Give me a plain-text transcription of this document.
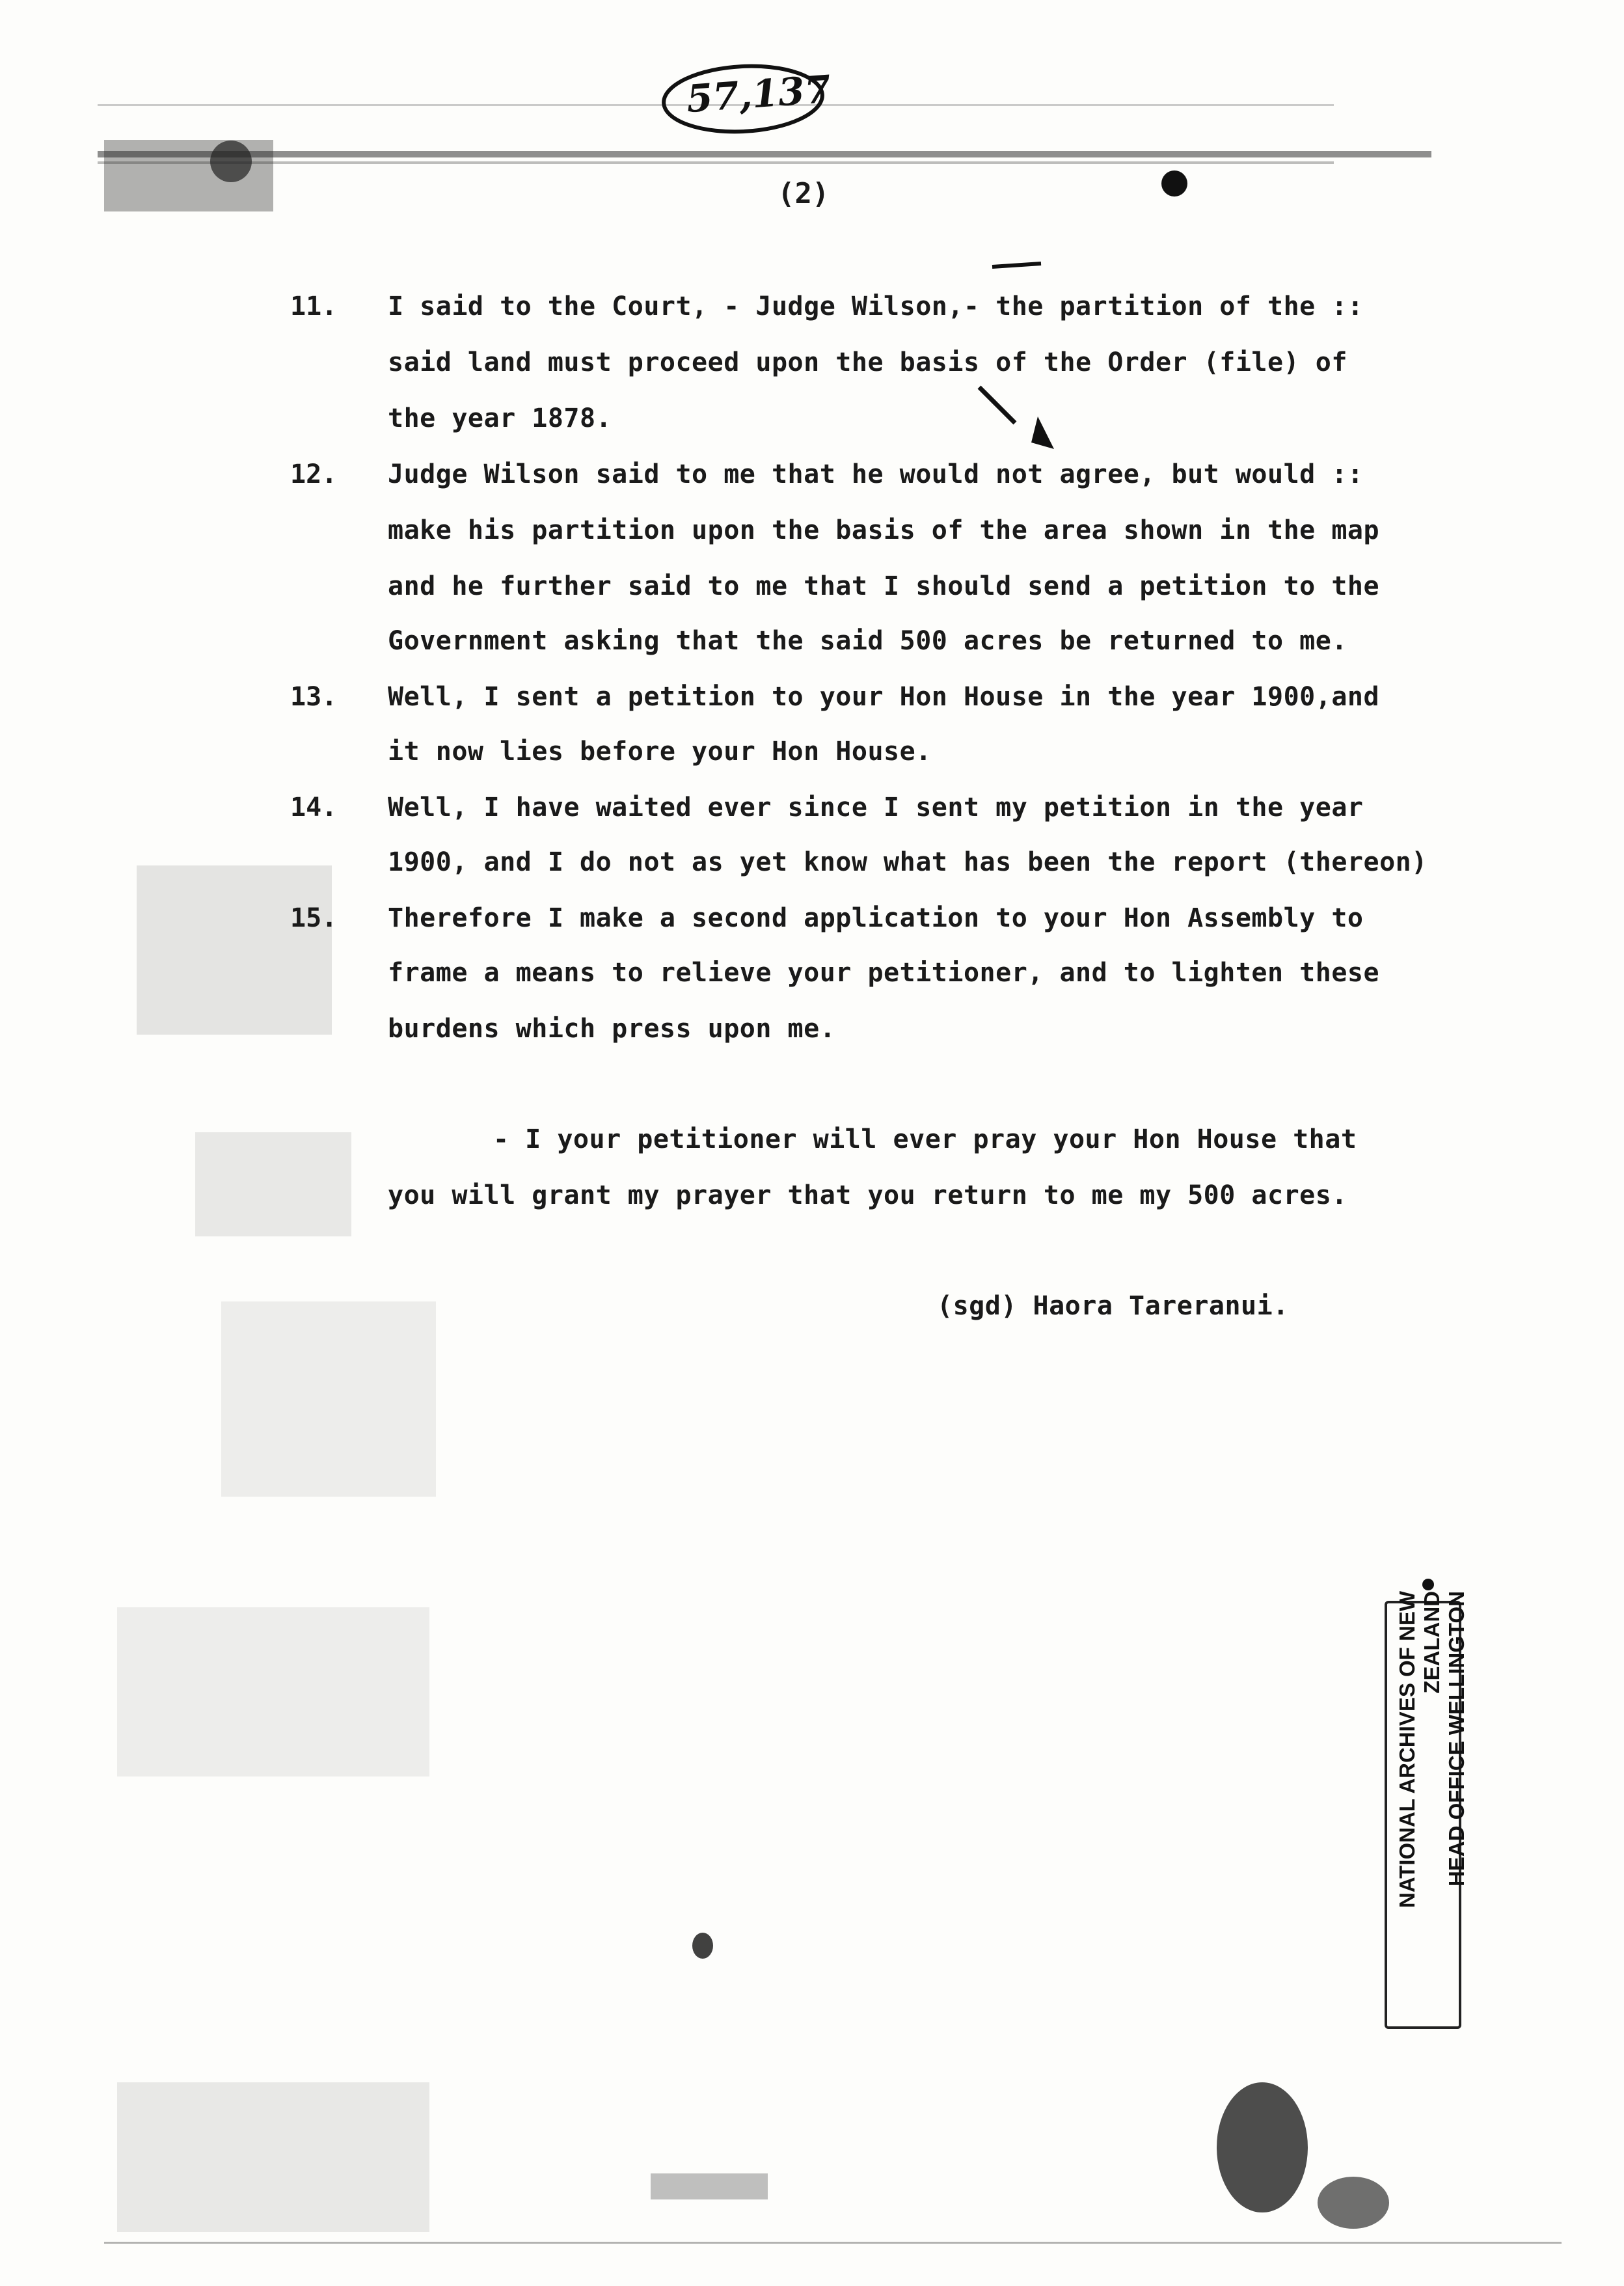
57,137
(2)
11. I said to the Court, - Judge Wilson,- the partition of the ::
said land must proceed upon the basis of the Order (file) of
the year 1878.
12. Judge Wilson said to me that he would not agree, but would ::
make his partition upon the basis of the area shown in the map
and he further said to me that I should send a petition to the
Government asking that the said 500 acres be returned to me.
13. Well, I sent a petition to your Hon House in the year 1900,and
it now lies before your Hon House.
14. Well, I have waited ever since I sent my petition in the year
1900, and I do not as yet know what has been the report (thereon)
15. Therefore I make a second application to your Hon Assembly to
frame a means to relieve your petitioner, and to lighten these
burdens which press upon me.
- I your petitioner will ever pray your Hon House that
you will grant my prayer that you return to me my 500 acres.
(sgd) Haora Tareranui.
NATIONAL ARCHIVES OF NEW ZEALAND HEAD OFFICE WELLINGTON
